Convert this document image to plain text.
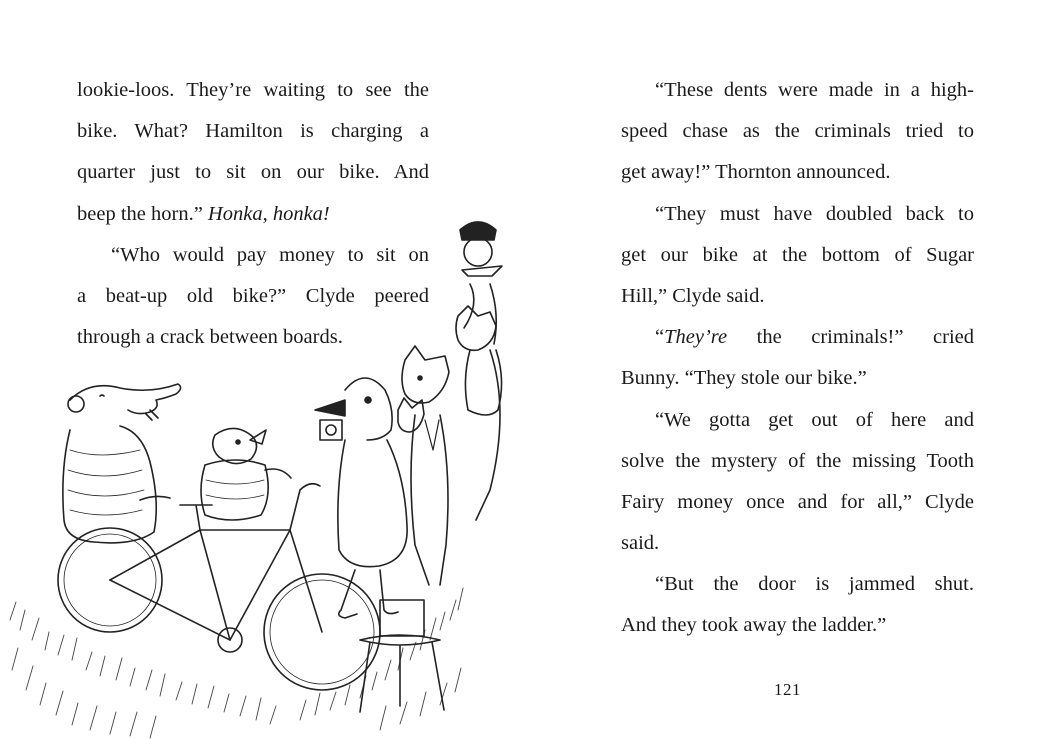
lookie-loos. They’re waiting to see the
bike. What? Hamilton is charging a
quarter just to sit on our bike. And
beep the horn.” Honka, honka!
“Who would pay money to sit on
a beat-up old bike?” Clyde peered
through a crack between boards.
“These dents were made in a high-
speed chase as the criminals tried to
get away!” Thornton announced.
“They must have doubled back to
get our bike at the bottom of Sugar
Hill,” Clyde said.
“They’re the criminals!” cried
Bunny. “They stole our bike.”
“We gotta get out of here and
solve the mystery of the missing Tooth
Fairy money once and for all,” Clyde
said.
“But the door is jammed shut.
And they took away the ladder.”
121
